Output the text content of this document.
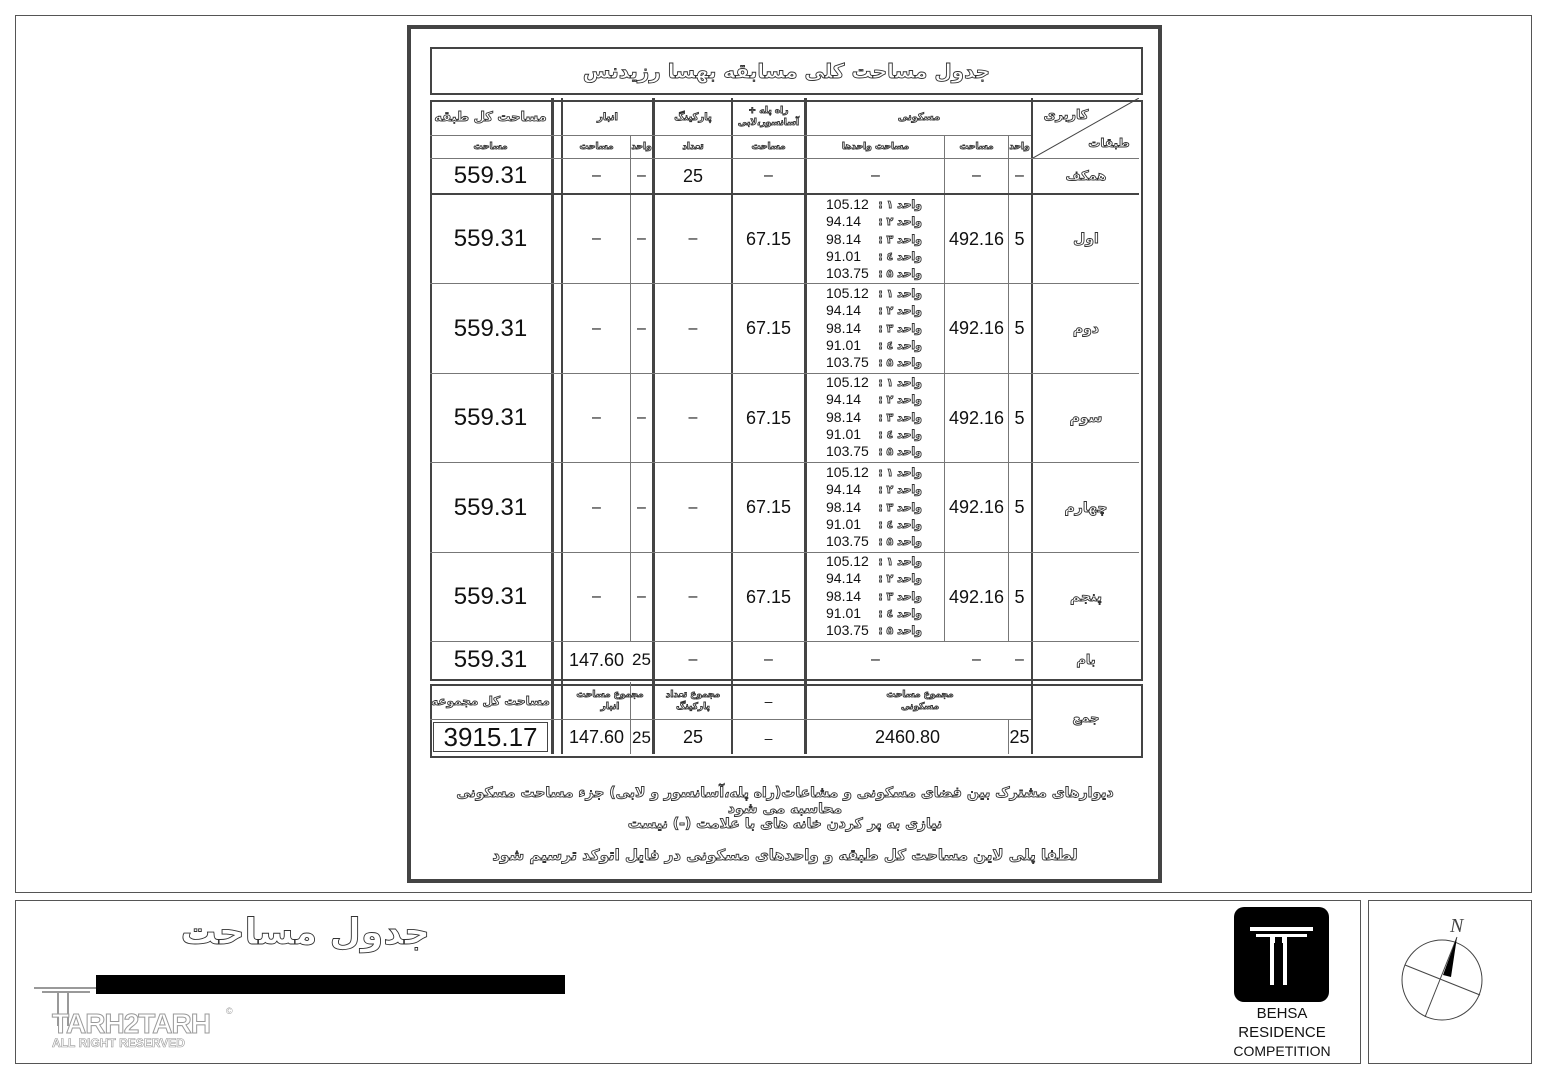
جدول مساحت کلی مسابقه بهسا رزیدنس
کاربری
طبقات
مسکونی
واحد
مساحت
مساحت واحدها
راه پله + آسانسور،لابی
مساحت
پارکینگ
تعداد
انبار
واحد
مساحت
مساحت کل طبقه
مساحت
همکف
–
–
–
–
25
–
–
559.31
اول
5
492.16
67.15
–
–
–
559.31
105.12 واحد ۱ :
94.14 واحد ۲ :
98.14 واحد ۳ :
91.01 واحد ٤ :
103.75 واحد ۵ :
دوم
5
492.16
67.15
–
–
–
559.31
105.12 واحد ۱ :
94.14 واحد ۲ :
98.14 واحد ۳ :
91.01 واحد ٤ :
103.75 واحد ۵ :
سوم
5
492.16
67.15
–
–
–
559.31
105.12 واحد ۱ :
94.14 واحد ۲ :
98.14 واحد ۳ :
91.01 واحد ٤ :
103.75 واحد ۵ :
چهارم
5
492.16
67.15
–
–
–
559.31
105.12 واحد ۱ :
94.14 واحد ۲ :
98.14 واحد ۳ :
91.01 واحد ٤ :
103.75 واحد ۵ :
پنجم
5
492.16
67.15
–
–
–
559.31
105.12 واحد ۱ :
94.14 واحد ۲ :
98.14 واحد ۳ :
91.01 واحد ٤ :
103.75 واحد ۵ :
بام
–
–
–
–
–
25
147.60
559.31
جمع
مجموع مساحت مسکونی
25
2460.80
–
–
مجموع تعداد پارکینگ
25
مجموع مساحت انبار
25
147.60
مساحت کل مجموعه
3915.17
دیوارهای مشترک بین فضای مسکونی و مشاعات(راه پله،آسانسور و لابی) جزء مساحت مسکونی محاسبه می شود
نیازی به پر کردن خانه های با علامت (-) نیست
لطفا پلی لاین مساحت کل طبقه و واحدهای مسکونی در فایل اتوکد ترسیم شود
جدول مساحت
©
TARH2TARH
ALL RIGHT RESERVED
BEHSA
RESIDENCE
COMPETITION
N
